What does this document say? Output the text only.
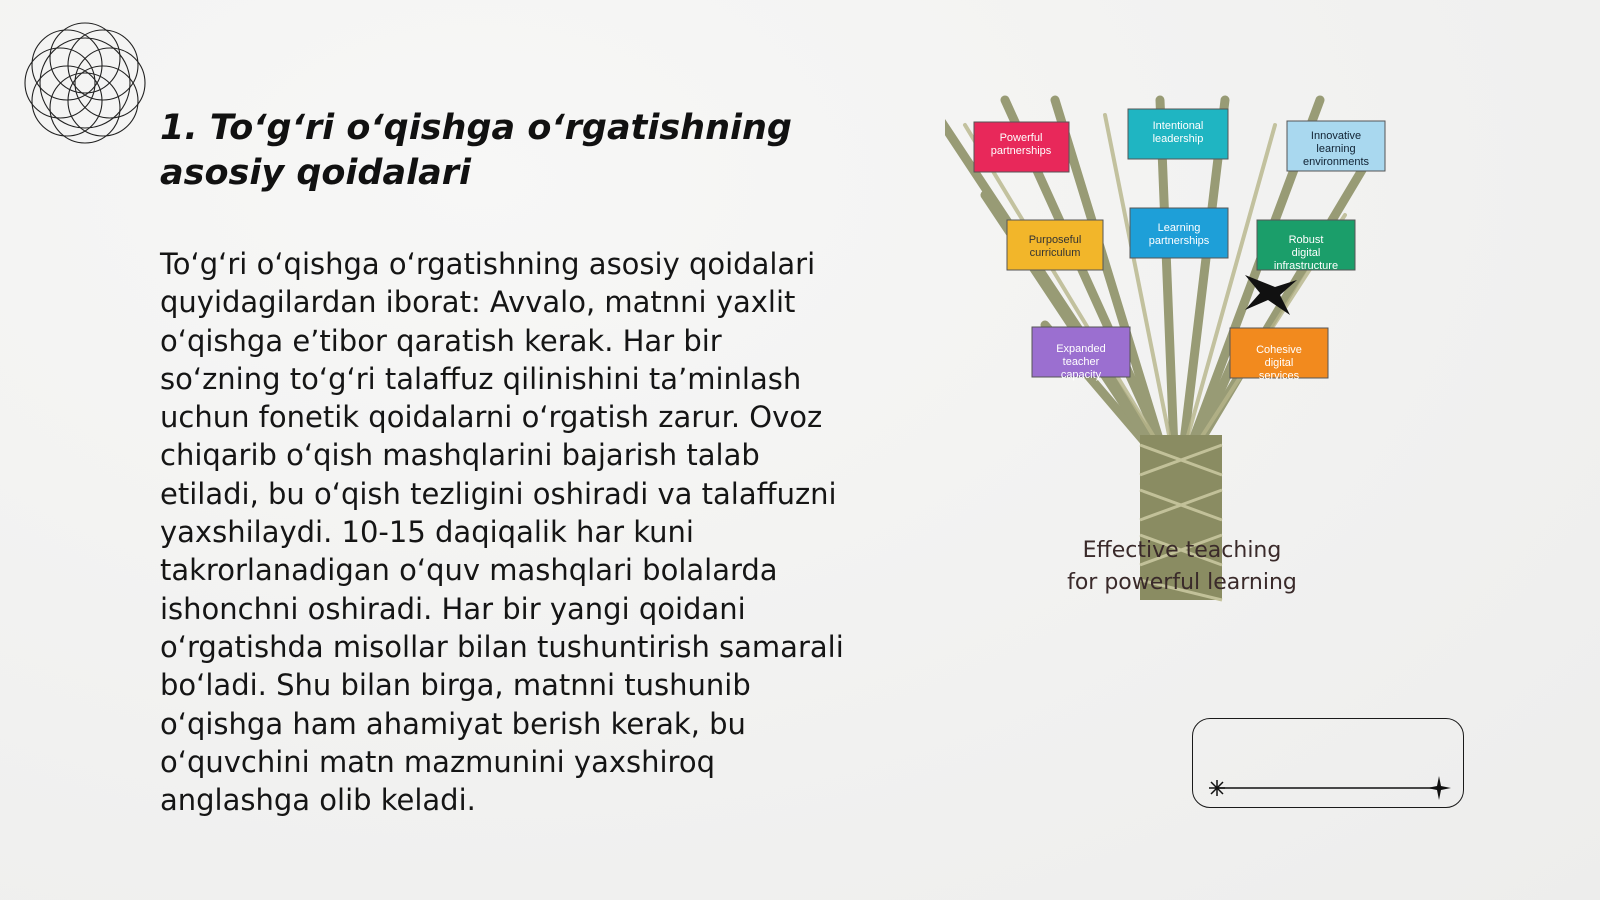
1. To‘g‘ri o‘qishga o‘rgatishning asosiy qoidalari

To‘g‘ri o‘qishga o‘rgatishning asosiy qoidalari quyidagilardan iborat: Avvalo, matnni yaxlit o‘qishga e’tibor qaratish kerak. Har bir so‘zning to‘g‘ri talaffuz qilinishini ta’minlash uchun fonetik qoidalarni o‘rgatish zarur. Ovoz chiqarib o‘qish mashqlarini bajarish talab etiladi, bu o‘qish tezligini oshiradi va talaffuzni yaxshilaydi. 10-15 daqiqalik har kuni takrorlanadigan o‘quv mashqlari bolalarda ishonchni oshiradi. Har bir yangi qoidani o‘rgatishda misollar bilan tushuntirish samarali bo‘ladi. Shu bilan birga, matnni tushunib o‘qishga ham ahamiyat berish kerak, bu o‘quvchini matn mazmunini yaxshiroq anglashga olib keladi.

Powerful partnerships
Intentional leadership	Innovative learning environments
Purposeful curriculum
Learning partnerships	Robust digital infrastructure
Expanded teacher capacity
Cohesive digital services
Effective teaching
for powerful learning
